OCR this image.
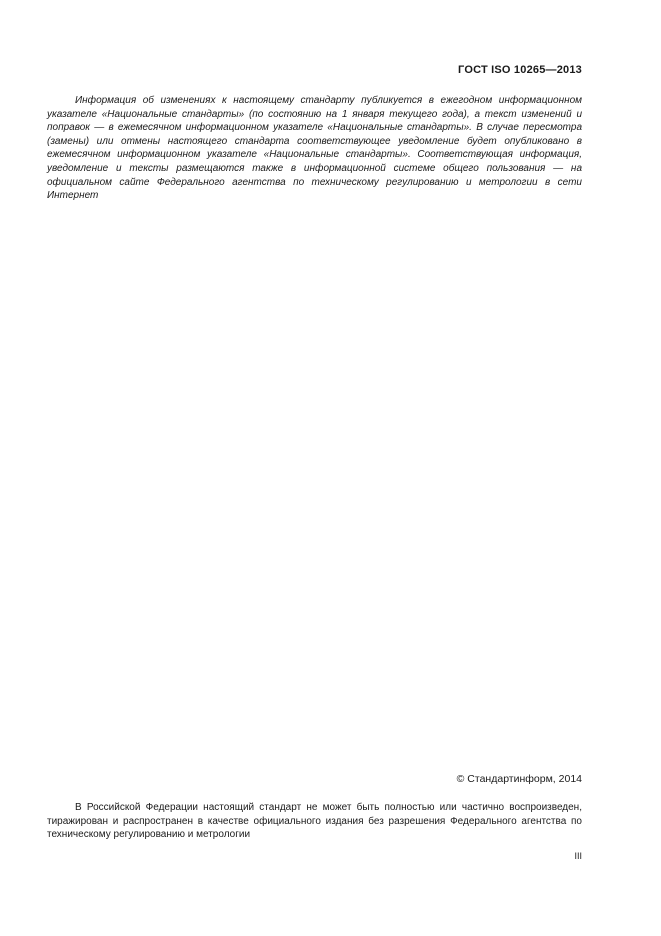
ГОСТ ISO 10265—2013

Информация об изменениях к настоящему стандарту публикуется в ежегодном информационном указателе «Национальные стандарты» (по состоянию на 1 января текущего года), а текст изменений и поправок — в ежемесячном информационном указателе «Национальные стандарты». В случае пересмотра (замены) или отмены настоящего стандарта соответствующее уведомление будет опубликовано в ежемесячном информационном указателе «Национальные стандарты». Соответствующая информация, уведомление и тексты размещаются также в информационной системе общего пользования — на официальном сайте Федерального агентства по техническому регулированию и метрологии в сети Интернет

© Стандартинформ, 2014

В Российской Федерации настоящий стандарт не может быть полностью или частично воспроизведен, тиражирован и распространен в качестве официального издания без разрешения Федерального агентства по техническому регулированию и метрологии

III
